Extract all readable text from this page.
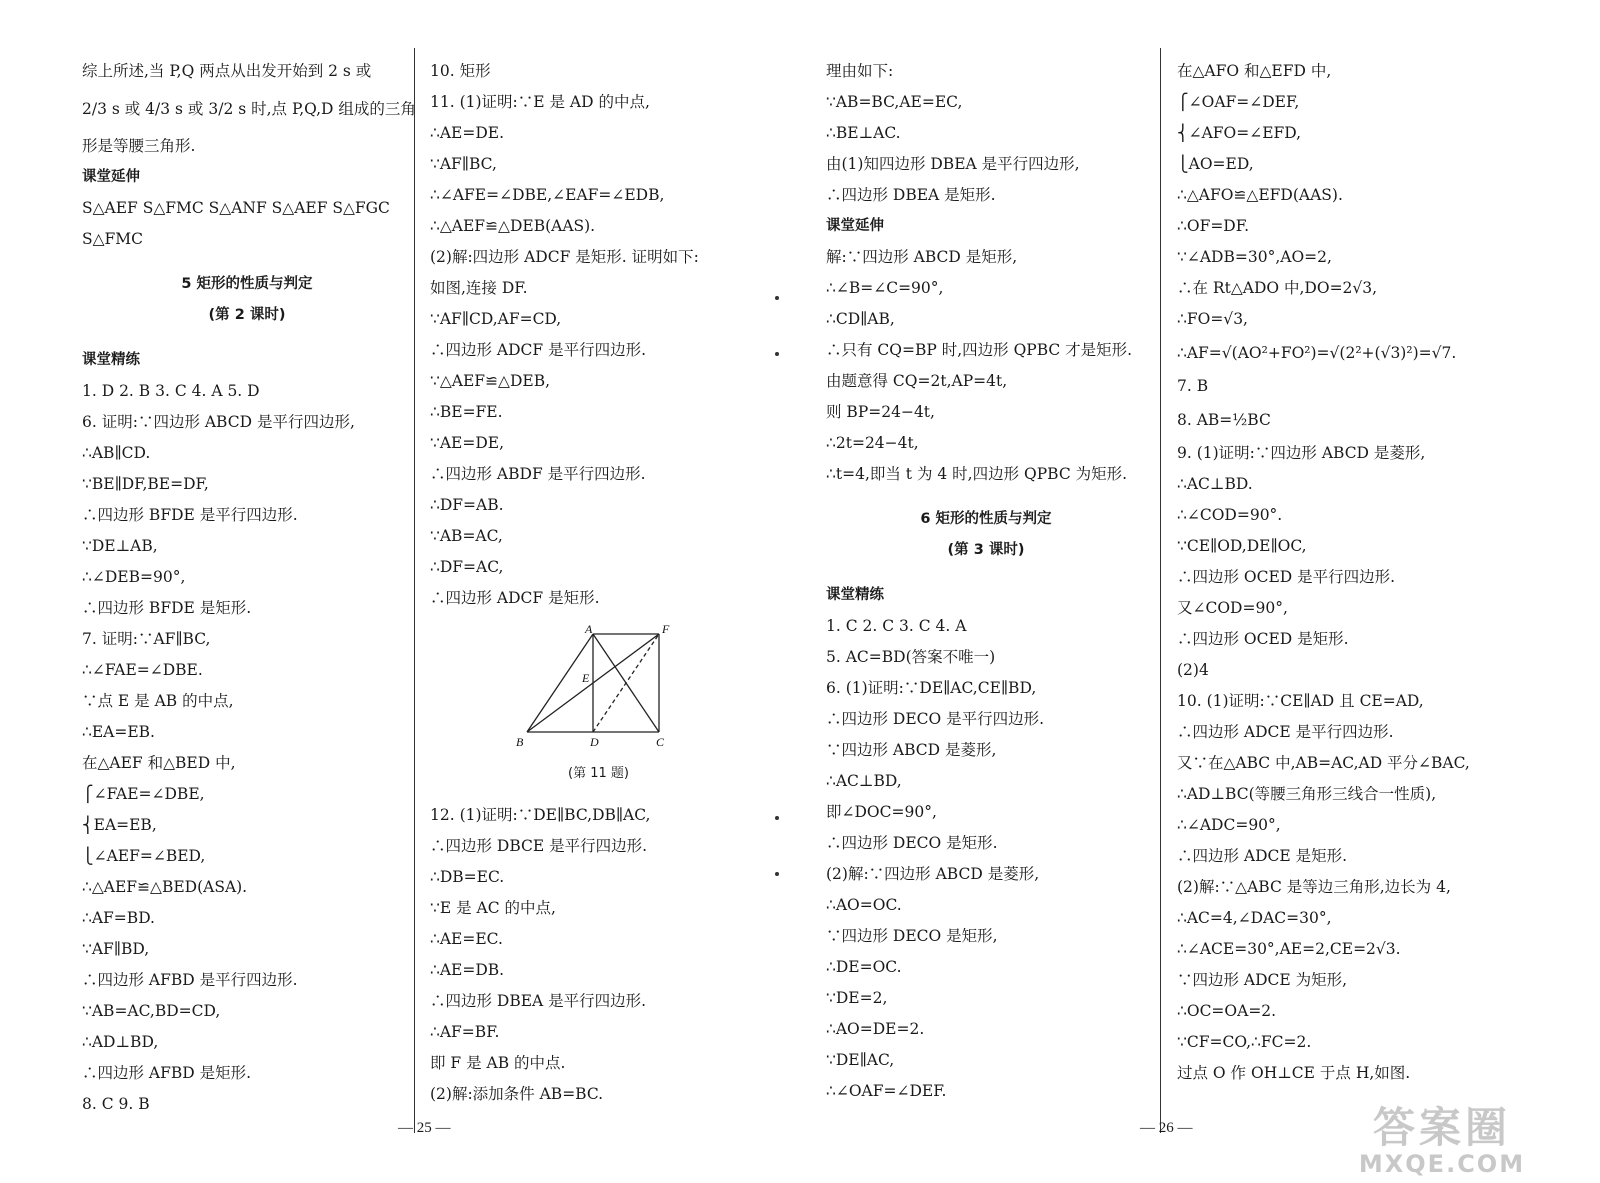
综上所述,当 P,Q 两点从出发开始到 2 s 或
2/3 s 或 4/3 s 或 3/2 s 时,点 P,Q,D 组成的三角
形是等腰三角形.
课堂延伸
S△AEF S△FMC S△ANF S△AEF S△FGC
S△FMC
5 矩形的性质与判定
(第 2 课时)
课堂精练
1. D 2. B 3. C 4. A 5. D
6. 证明:∵四边形 ABCD 是平行四边形,
∴AB∥CD.
∵BE∥DF,BE=DF,
∴四边形 BFDE 是平行四边形.
∵DE⊥AB,
∴∠DEB=90°,
∴四边形 BFDE 是矩形.
7. 证明:∵AF∥BC,
∴∠FAE=∠DBE.
∵点 E 是 AB 的中点,
∴EA=EB.
在△AEF 和△BED 中,
⎧∠FAE=∠DBE,
⎨EA=EB,
⎩∠AEF=∠BED,
∴△AEF≌△BED(ASA).
∴AF=BD.
∵AF∥BD,
∴四边形 AFBD 是平行四边形.
∵AB=AC,BD=CD,
∴AD⊥BD,
∴四边形 AFBD 是矩形.
8. C 9. B
10. 矩形
11. (1)证明:∵E 是 AD 的中点,
∴AE=DE.
∵AF∥BC,
∴∠AFE=∠DBE,∠EAF=∠EDB,
∴△AEF≌△DEB(AAS).
(2)解:四边形 ADCF 是矩形. 证明如下:
如图,连接 DF.
∵AF∥CD,AF=CD,
∴四边形 ADCF 是平行四边形.
∵△AEF≌△DEB,
∴BE=FE.
∵AE=DE,
∴四边形 ABDF 是平行四边形.
∴DF=AB.
∵AB=AC,
∴DF=AC,
∴四边形 ADCF 是矩形.
A	F
E
B	D	C
(第 11 题)
12. (1)证明:∵DE∥BC,DB∥AC,
∴四边形 DBCE 是平行四边形.
∴DB=EC.
∵E 是 AC 的中点,
∴AE=EC.
∴AE=DB.
∴四边形 DBEA 是平行四边形.
∴AF=BF.
即 F 是 AB 的中点.
(2)解:添加条件 AB=BC.
理由如下:
∵AB=BC,AE=EC,
∴BE⊥AC.
由(1)知四边形 DBEA 是平行四边形,
∴四边形 DBEA 是矩形.
课堂延伸
解:∵四边形 ABCD 是矩形,
∴∠B=∠C=90°,
∴CD∥AB,
∴只有 CQ=BP 时,四边形 QPBC 才是矩形.
由题意得 CQ=2t,AP=4t,
则 BP=24−4t,
∴2t=24−4t,
∴t=4,即当 t 为 4 时,四边形 QPBC 为矩形.
6 矩形的性质与判定
(第 3 课时)
课堂精练
1. C 2. C 3. C 4. A
5. AC=BD(答案不唯一)
6. (1)证明:∵DE∥AC,CE∥BD,
∴四边形 DECO 是平行四边形.
∵四边形 ABCD 是菱形,
∴AC⊥BD,
即∠DOC=90°,
∴四边形 DECO 是矩形.
(2)解:∵四边形 ABCD 是菱形,
∴AO=OC.
∵四边形 DECO 是矩形,
∴DE=OC.
∵DE=2,
∴AO=DE=2.
∵DE∥AC,
∴∠OAF=∠DEF.
在△AFO 和△EFD 中,
⎧∠OAF=∠DEF,
⎨∠AFO=∠EFD,
⎩AO=ED,
∴△AFO≌△EFD(AAS).
∴OF=DF.
∵∠ADB=30°,AO=2,
∴在 Rt△ADO 中,DO=2√3,
∴FO=√3,
∴AF=√(AO²+FO²)=√(2²+(√3)²)=√7.
7. B
8. AB=½BC
9. (1)证明:∵四边形 ABCD 是菱形,
∴AC⊥BD.
∴∠COD=90°.
∵CE∥OD,DE∥OC,
∴四边形 OCED 是平行四边形.
又∠COD=90°,
∴四边形 OCED 是矩形.
(2)4
10. (1)证明:∵CE∥AD 且 CE=AD,
∴四边形 ADCE 是平行四边形.
又∵在△ABC 中,AB=AC,AD 平分∠BAC,
∴AD⊥BC(等腰三角形三线合一性质),
∴∠ADC=90°,
∴四边形 ADCE 是矩形.
(2)解:∵△ABC 是等边三角形,边长为 4,
∴AC=4,∠DAC=30°,
∴∠ACE=30°,AE=2,CE=2√3.
∵四边形 ADCE 为矩形,
∴OC=OA=2.
∵CF=CO,∴FC=2.
过点 O 作 OH⊥CE 于点 H,如图.
— 25 —	— 26 —	答案圈
MXQE.COM
